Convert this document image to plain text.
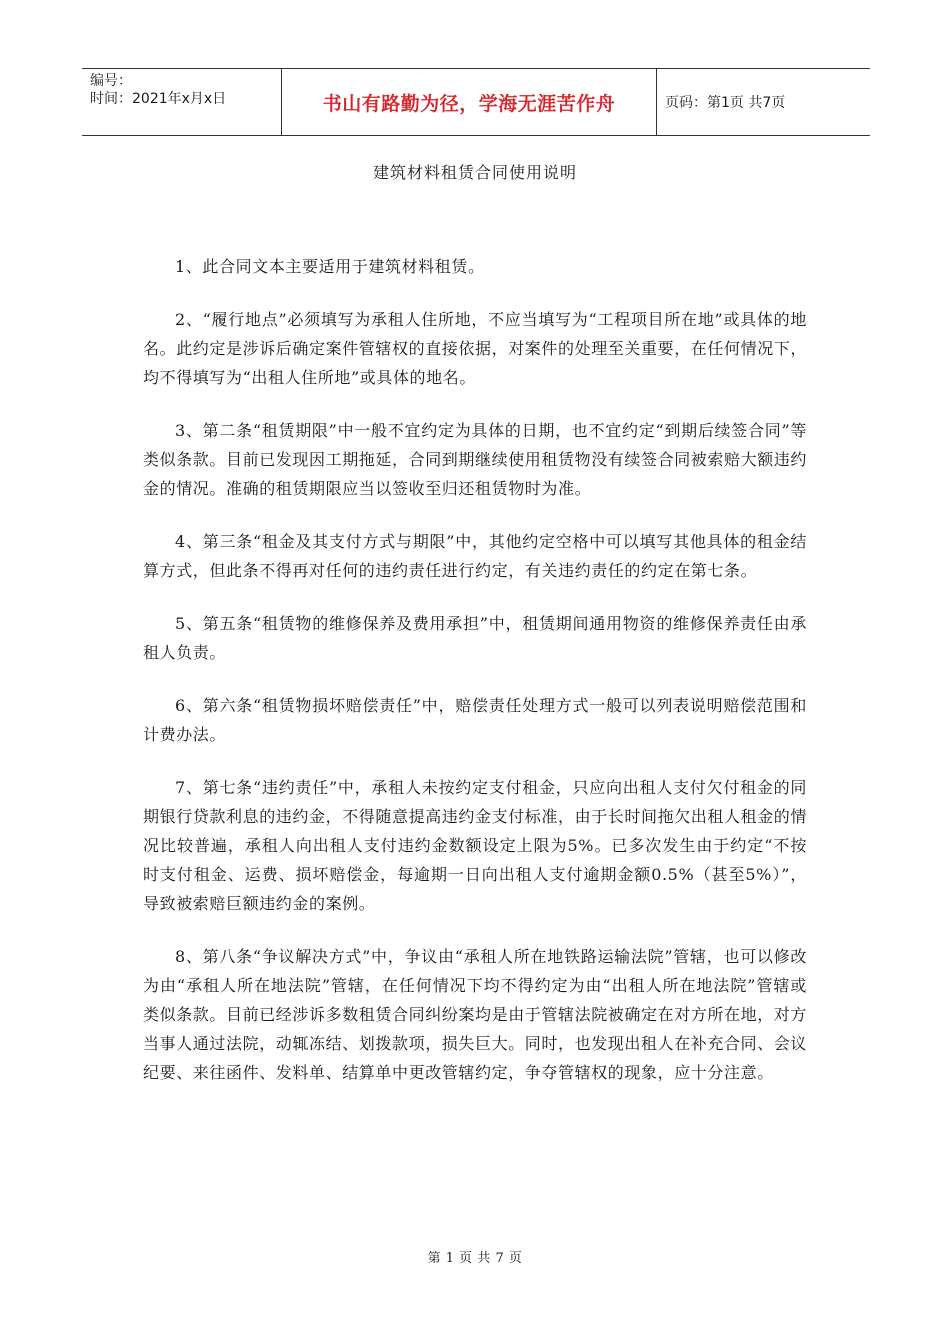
编号：
时间：2021年x月x日	书山有路勤为径，学海无涯苦作舟	页码：第1页 共7页
建筑材料租赁合同使用说明

1、此合同文本主要适用于建筑材料租赁。

2、“履行地点”必须填写为承租人住所地，不应当填写为“工程项目所在地”或具体的地名。此约定是涉诉后确定案件管辖权的直接依据，对案件的处理至关重要，在任何情况下，均不得填写为“出租人住所地”或具体的地名。

3、第二条“租赁期限”中一般不宜约定为具体的日期，也不宜约定“到期后续签合同”等类似条款。目前已发现因工期拖延，合同到期继续使用租赁物没有续签合同被索赔大额违约金的情况。准确的租赁期限应当以签收至归还租赁物时为准。

4、第三条“租金及其支付方式与期限”中，其他约定空格中可以填写其他具体的租金结算方式，但此条不得再对任何的违约责任进行约定，有关违约责任的约定在第七条。

5、第五条“租赁物的维修保养及费用承担”中，租赁期间通用物资的维修保养责任由承租人负责。

6、第六条“租赁物损坏赔偿责任”中，赔偿责任处理方式一般可以列表说明赔偿范围和计费办法。

7、第七条“违约责任”中，承租人未按约定支付租金，只应向出租人支付欠付租金的同期银行贷款利息的违约金，不得随意提高违约金支付标准，由于长时间拖欠出租人租金的情况比较普遍，承租人向出租人支付违约金数额设定上限为5%。已多次发生由于约定“不按时支付租金、运费、损坏赔偿金，每逾期一日向出租人支付逾期金额0.5%（甚至5%）”，导致被索赔巨额违约金的案例。

8、第八条“争议解决方式”中，争议由“承租人所在地铁路运输法院”管辖，也可以修改为由“承租人所在地法院”管辖，在任何情况下均不得约定为由“出租人所在地法院”管辖或类似条款。目前已经涉诉多数租赁合同纠纷案均是由于管辖法院被确定在对方所在地，对方当事人通过法院，动辄冻结、划拨款项，损失巨大。同时，也发现出租人在补充合同、会议纪要、来往函件、发料单、结算单中更改管辖约定，争夺管辖权的现象，应十分注意。

第 1 页 共 7 页
